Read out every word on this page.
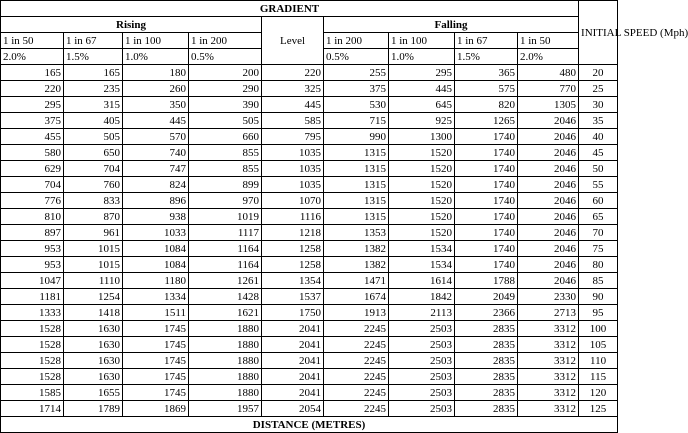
GRADIENT									INITIAL SPEED (Mph)
Rising				Level	Falling				
1 in 50	1 in 67	1 in 100	1 in 200		1 in 200	1 in 100	1 in 67	1 in 50	
2.0%	1.5%	1.0%	0.5%		0.5%	1.0%	1.5%	2.0%	
165	165	180	200	220	255	295	365	480	20
220	235	260	290	325	375	445	575	770	25
295	315	350	390	445	530	645	820	1305	30
375	405	445	505	585	715	925	1265	2046	35
455	505	570	660	795	990	1300	1740	2046	40
580	650	740	855	1035	1315	1520	1740	2046	45
629	704	747	855	1035	1315	1520	1740	2046	50
704	760	824	899	1035	1315	1520	1740	2046	55
776	833	896	970	1070	1315	1520	1740	2046	60
810	870	938	1019	1116	1315	1520	1740	2046	65
897	961	1033	1117	1218	1353	1520	1740	2046	70
953	1015	1084	1164	1258	1382	1534	1740	2046	75
953	1015	1084	1164	1258	1382	1534	1740	2046	80
1047	1110	1180	1261	1354	1471	1614	1788	2046	85
1181	1254	1334	1428	1537	1674	1842	2049	2330	90
1333	1418	1511	1621	1750	1913	2113	2366	2713	95
1528	1630	1745	1880	2041	2245	2503	2835	3312	100
1528	1630	1745	1880	2041	2245	2503	2835	3312	105
1528	1630	1745	1880	2041	2245	2503	2835	3312	110
1528	1630	1745	1880	2041	2245	2503	2835	3312	115
1585	1655	1745	1880	2041	2245	2503	2835	3312	120
1714	1789	1869	1957	2054	2245	2503	2835	3312	125
DISTANCE (METRES)									
